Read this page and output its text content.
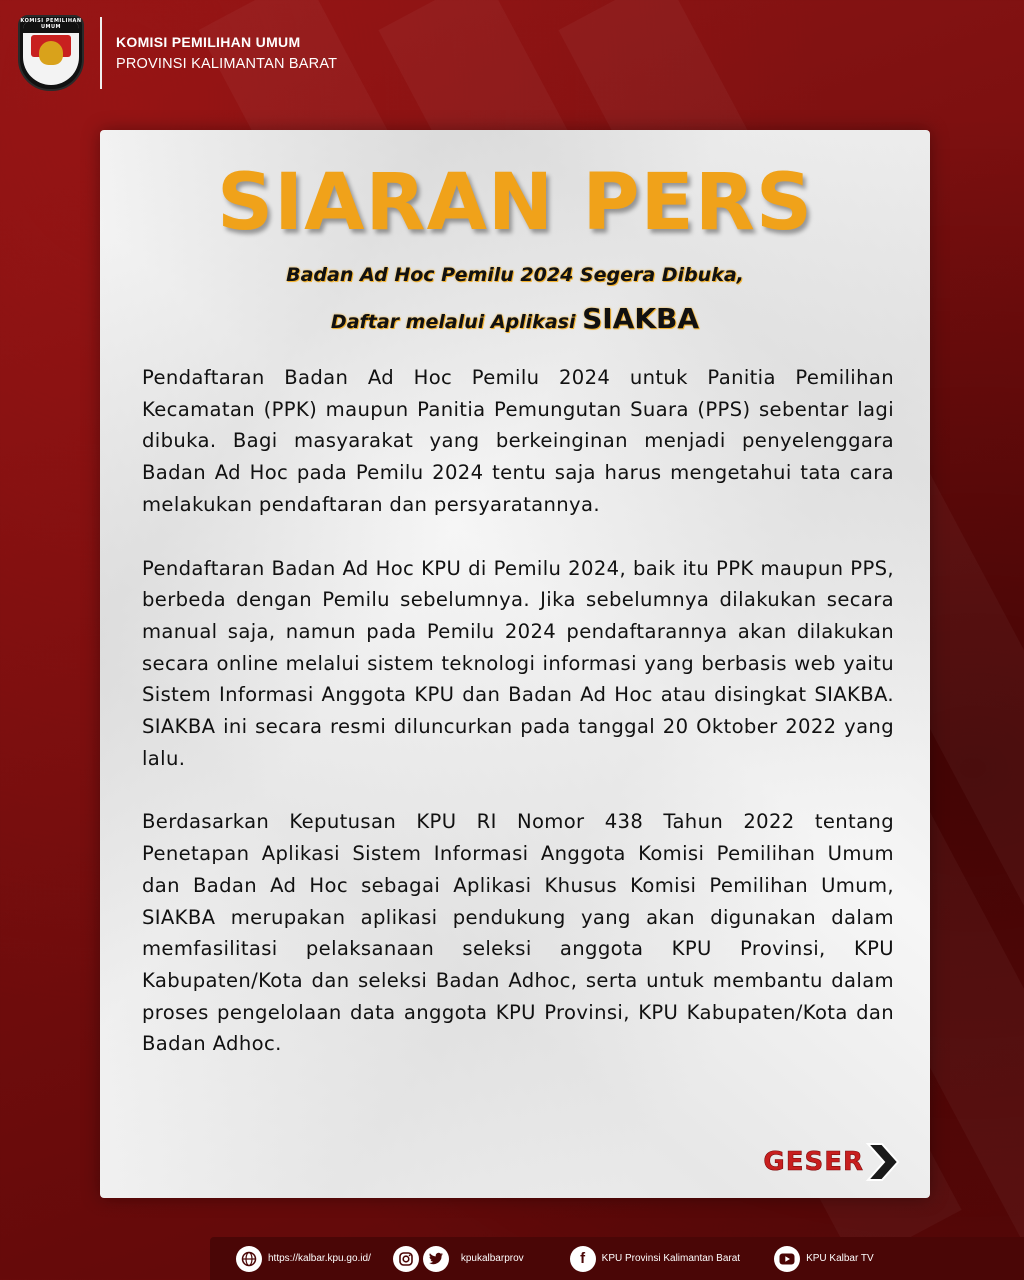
KOMISI PEMILIHAN UMUM
KOMISI PEMILIHAN UMUM
PROVINSI KALIMANTAN BARAT
SIARAN PERS
Badan Ad Hoc Pemilu 2024 Segera Dibuka,
Daftar melalui Aplikasi SIAKBA

Pendaftaran Badan Ad Hoc Pemilu 2024 untuk Panitia Pemilihan Kecamatan (PPK) maupun Panitia Pemungutan Suara (PPS) sebentar lagi dibuka. Bagi masyarakat yang berkeinginan menjadi penyelenggara Badan Ad Hoc pada Pemilu 2024 tentu saja harus mengetahui tata cara melakukan pendaftaran dan persyaratannya.

Pendaftaran Badan Ad Hoc KPU di Pemilu 2024, baik itu PPK maupun PPS, berbeda dengan Pemilu sebelumnya. Jika sebelumnya dilakukan secara manual saja, namun pada Pemilu 2024 pendaftarannya akan dilakukan secara online melalui sistem teknologi informasi yang berbasis web yaitu Sistem Informasi Anggota KPU dan Badan Ad Hoc atau disingkat SIAKBA. SIAKBA ini secara resmi diluncurkan pada tanggal 20 Oktober 2022 yang lalu.

Berdasarkan Keputusan KPU RI Nomor 438 Tahun 2022 tentang Penetapan Aplikasi Sistem Informasi Anggota Komisi Pemilihan Umum dan Badan Ad Hoc sebagai Aplikasi Khusus Komisi Pemilihan Umum, SIAKBA merupakan aplikasi pendukung yang akan digunakan dalam memfasilitasi pelaksanaan seleksi anggota KPU Provinsi, KPU Kabupaten/Kota dan seleksi Badan Adhoc, serta untuk membantu dalam proses pengelolaan data anggota KPU Provinsi, KPU Kabupaten/Kota dan Badan Adhoc.

GESER
https://kalbar.kpu.go.id/	kpukalbarprov	f KPU Provinsi Kalimantan Barat	KPU Kalbar TV
